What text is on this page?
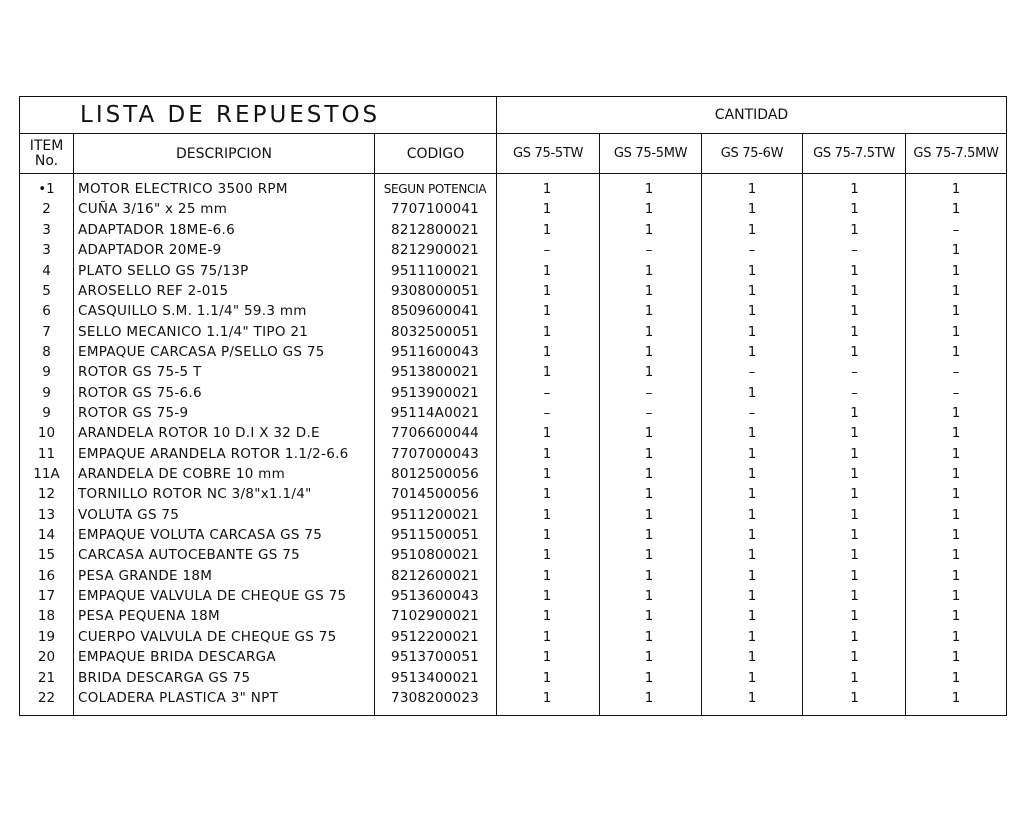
LISTA DE REPUESTOS	CANTIDAD
ITEM
No.	DESCRIPCION	CODIGO	GS 75-5TW	GS 75-5MW	GS 75-6W	GS 75-7.5TW	GS 75-7.5MW
•1	MOTOR ELECTRICO 3500 RPM	SEGUN POTENCIA	1	1	1	1	1
2	CUÑA 3/16" x 25 mm	7707100041	1	1	1	1	1
3	ADAPTADOR 18ME-6.6	8212800021	1	1	1	1	–
3	ADAPTADOR 20ME-9	8212900021	–	–	–	–	1
4	PLATO SELLO GS 75/13P	9511100021	1	1	1	1	1
5	AROSELLO REF 2-015	9308000051	1	1	1	1	1
6	CASQUILLO S.M. 1.1/4" 59.3 mm	8509600041	1	1	1	1	1
7	SELLO MECANICO 1.1/4" TIPO 21	8032500051	1	1	1	1	1
8	EMPAQUE CARCASA P/SELLO GS 75	9511600043	1	1	1	1	1
9	ROTOR GS 75-5 T	9513800021	1	1	–	–	–
9	ROTOR GS 75-6.6	9513900021	–	–	1	–	–
9	ROTOR GS 75-9	95114A0021	–	–	–	1	1
10	ARANDELA ROTOR 10 D.I X 32 D.E	7706600044	1	1	1	1	1
11	EMPAQUE ARANDELA ROTOR 1.1/2-6.6	7707000043	1	1	1	1	1
11A	ARANDELA DE COBRE 10 mm	8012500056	1	1	1	1	1
12	TORNILLO ROTOR NC 3/8"x1.1/4"	7014500056	1	1	1	1	1
13	VOLUTA GS 75	9511200021	1	1	1	1	1
14	EMPAQUE VOLUTA CARCASA GS 75	9511500051	1	1	1	1	1
15	CARCASA AUTOCEBANTE GS 75	9510800021	1	1	1	1	1
16	PESA GRANDE 18M	8212600021	1	1	1	1	1
17	EMPAQUE VALVULA DE CHEQUE GS 75	9513600043	1	1	1	1	1
18	PESA PEQUENA 18M	7102900021	1	1	1	1	1
19	CUERPO VALVULA DE CHEQUE GS 75	9512200021	1	1	1	1	1
20	EMPAQUE BRIDA DESCARGA	9513700051	1	1	1	1	1
21	BRIDA DESCARGA GS 75	9513400021	1	1	1	1	1
22	COLADERA PLASTICA 3" NPT	7308200023	1	1	1	1	1
